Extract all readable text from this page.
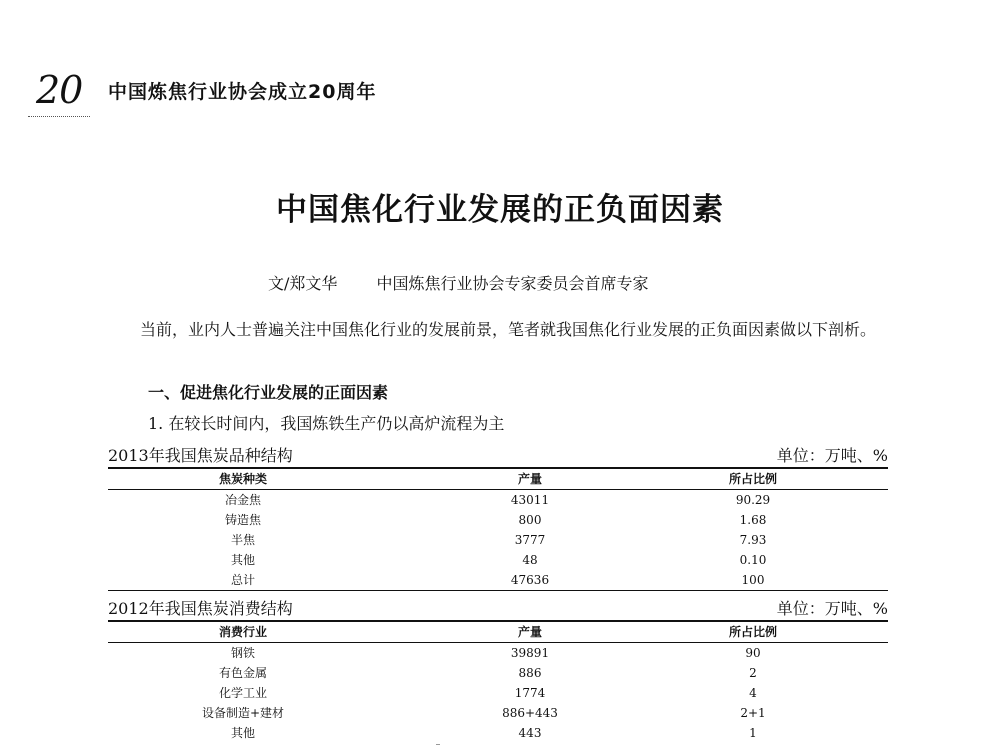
20 中国炼焦行业协会成立20周年
中国焦化行业发展的正负面因素
文/郑文华 中国炼焦行业协会专家委员会首席专家

当前，业内人士普遍关注中国焦化行业的发展前景，笔者就我国焦化行业发展的正负面因素做以下剖析。

一、促进焦化行业发展的正面因素
1. 在较长时间内，我国炼铁生产仍以高炉流程为主
2013年我国焦炭品种结构	单位：万吨、%
焦炭种类	产量	所占比例
冶金焦	43011	90.29
铸造焦	800	1.68
半焦	3777	7.93
其他	48	0.10
总计	47636	100
2012年我国焦炭消费结构	单位：万吨、%
消费行业	产量	所占比例
钢铁	39891	90
有色金属	886	2
化学工业	1774	4
设备制造+建材	886+443	2+1
其他	443	1
